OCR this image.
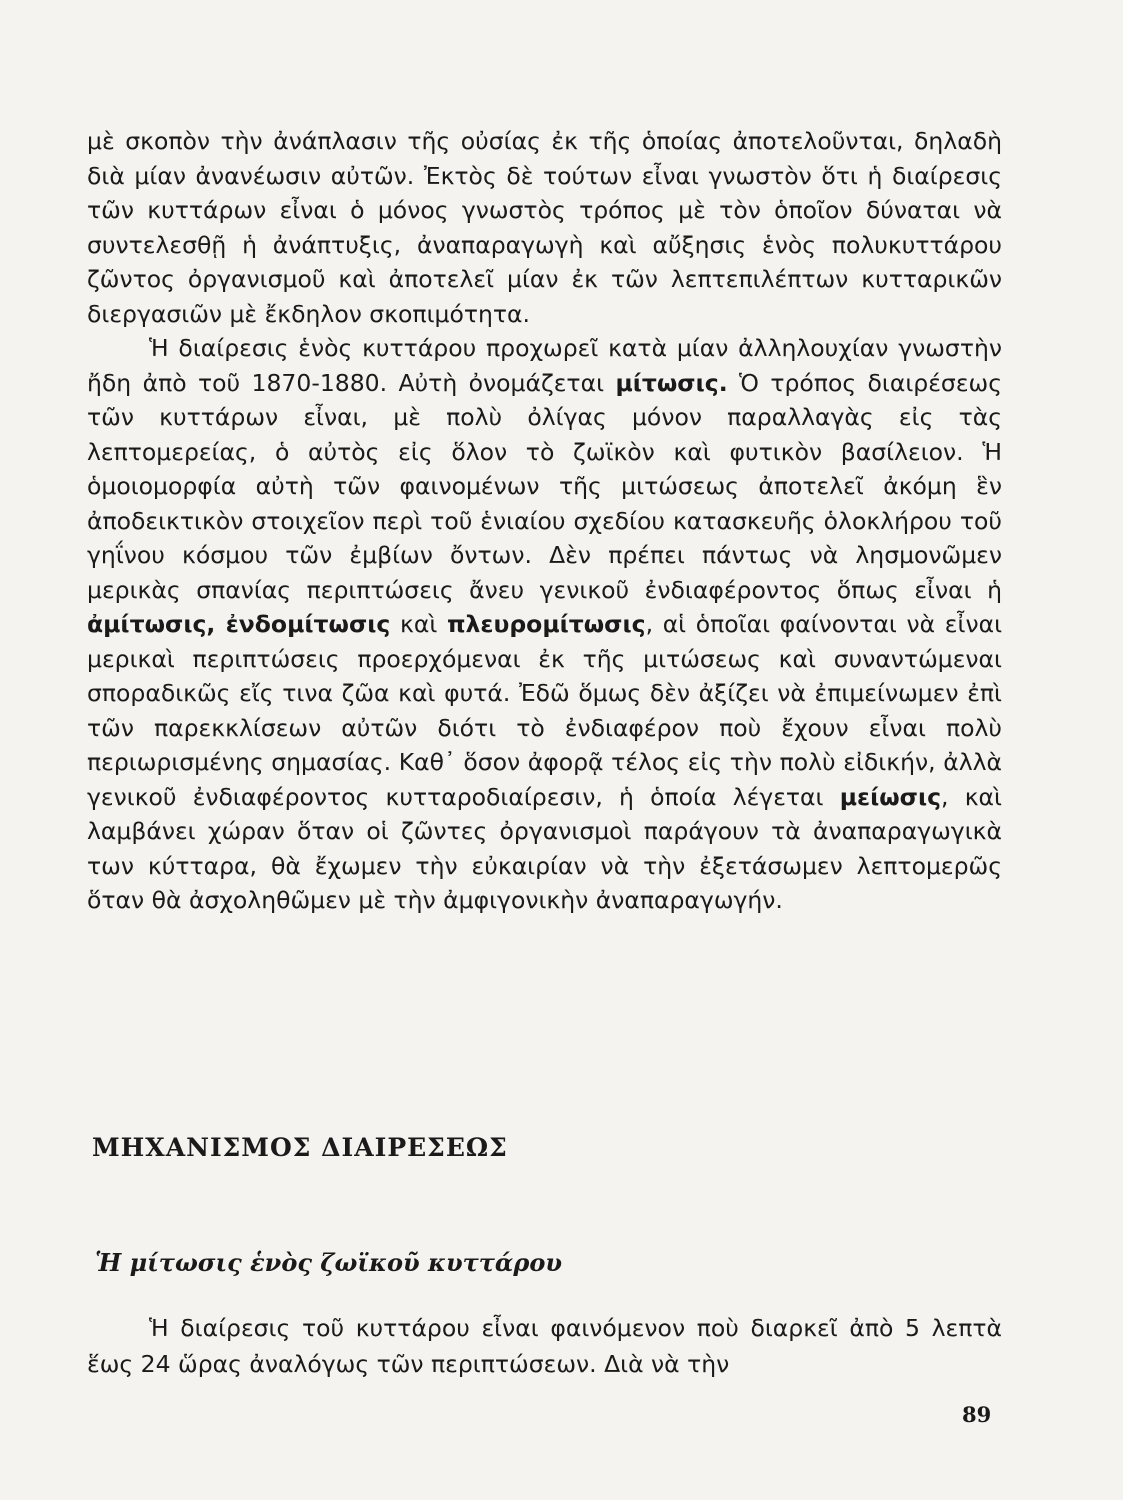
μὲ σκοπὸν τὴν ἀνάπλασιν τῆς οὐσίας ἐκ τῆς ὁποίας ἀποτελοῦνται, δηλαδὴ διὰ μίαν ἀνανέωσιν αὐτῶν. Ἐκτὸς δὲ τούτων εἶναι γνωστὸν ὅτι ἡ διαίρεσις τῶν κυττάρων εἶναι ὁ μόνος γνωστὸς τρόπος μὲ τὸν ὁποῖον δύναται νὰ συντελεσθῇ ἡ ἀνάπτυξις, ἀναπαραγωγὴ καὶ αὔξησις ἑνὸς πολυκυττάρου ζῶντος ὀργανισμοῦ καὶ ἀποτελεῖ μίαν ἐκ τῶν λεπτεπιλέπτων κυτταρικῶν διεργασιῶν μὲ ἔκδηλον σκοπιμότητα.

Ἡ διαίρεσις ἑνὸς κυττάρου προχωρεῖ κατὰ μίαν ἀλληλουχίαν γνωστὴν ἤδη ἀπὸ τοῦ 1870-1880. Αὐτὴ ὀνομάζεται μίτωσις. Ὁ τρόπος διαιρέσεως τῶν κυττάρων εἶναι, μὲ πολὺ ὀλίγας μόνον παραλλαγὰς εἰς τὰς λεπτομερείας, ὁ αὐτὸς εἰς ὅλον τὸ ζωϊκὸν καὶ φυτικὸν βασίλειον. Ἡ ὁμοιομορφία αὐτὴ τῶν φαινομένων τῆς μιτώσεως ἀποτελεῖ ἀκόμη ἓν ἀποδεικτικὸν στοιχεῖον περὶ τοῦ ἑνιαίου σχεδίου κατασκευῆς ὁλοκλήρου τοῦ γηΐνου κόσμου τῶν ἐμβίων ὄντων. Δὲν πρέπει πάντως νὰ λησμονῶμεν μερικὰς σπανίας περιπτώσεις ἄνευ γενικοῦ ἐνδιαφέροντος ὅπως εἶναι ἡ ἀμίτωσις, ἐνδομίτωσις καὶ πλευρομίτωσις, αἱ ὁποῖαι φαίνονται νὰ εἶναι μερικαὶ περιπτώσεις προερχόμεναι ἐκ τῆς μιτώσεως καὶ συναντώμεναι σποραδικῶς εἴς τινα ζῶα καὶ φυτά. Ἐδῶ ὅμως δὲν ἀξίζει νὰ ἐπιμείνωμεν ἐπὶ τῶν παρεκκλίσεων αὐτῶν διότι τὸ ἐνδιαφέρον ποὺ ἔχουν εἶναι πολὺ περιωρισμένης σημασίας. Καθ᾽ ὅσον ἀφορᾷ τέλος εἰς τὴν πολὺ εἰδικήν, ἀλλὰ γενικοῦ ἐνδιαφέροντος κυτταροδιαίρεσιν, ἡ ὁποία λέγεται μείωσις, καὶ λαμβάνει χώραν ὅταν οἱ ζῶντες ὀργανισμοὶ παράγουν τὰ ἀναπαραγωγικὰ των κύτταρα, θὰ ἔχωμεν τὴν εὐκαιρίαν νὰ τὴν ἐξετάσωμεν λεπτομερῶς ὅταν θὰ ἀσχοληθῶμεν μὲ τὴν ἀμφιγονικὴν ἀναπαραγωγήν.

ΜΗΧΑΝΙΣΜΟΣ ΔΙΑΙΡΕΣΕΩΣ
Ἡ μίτωσις ἑνὸς ζωϊκοῦ κυττάρου

Ἡ διαίρεσις τοῦ κυττάρου εἶναι φαινόμενον ποὺ διαρκεῖ ἀπὸ 5 λεπτὰ ἕως 24 ὥρας ἀναλόγως τῶν περιπτώσεων. Διὰ νὰ τὴν

89
